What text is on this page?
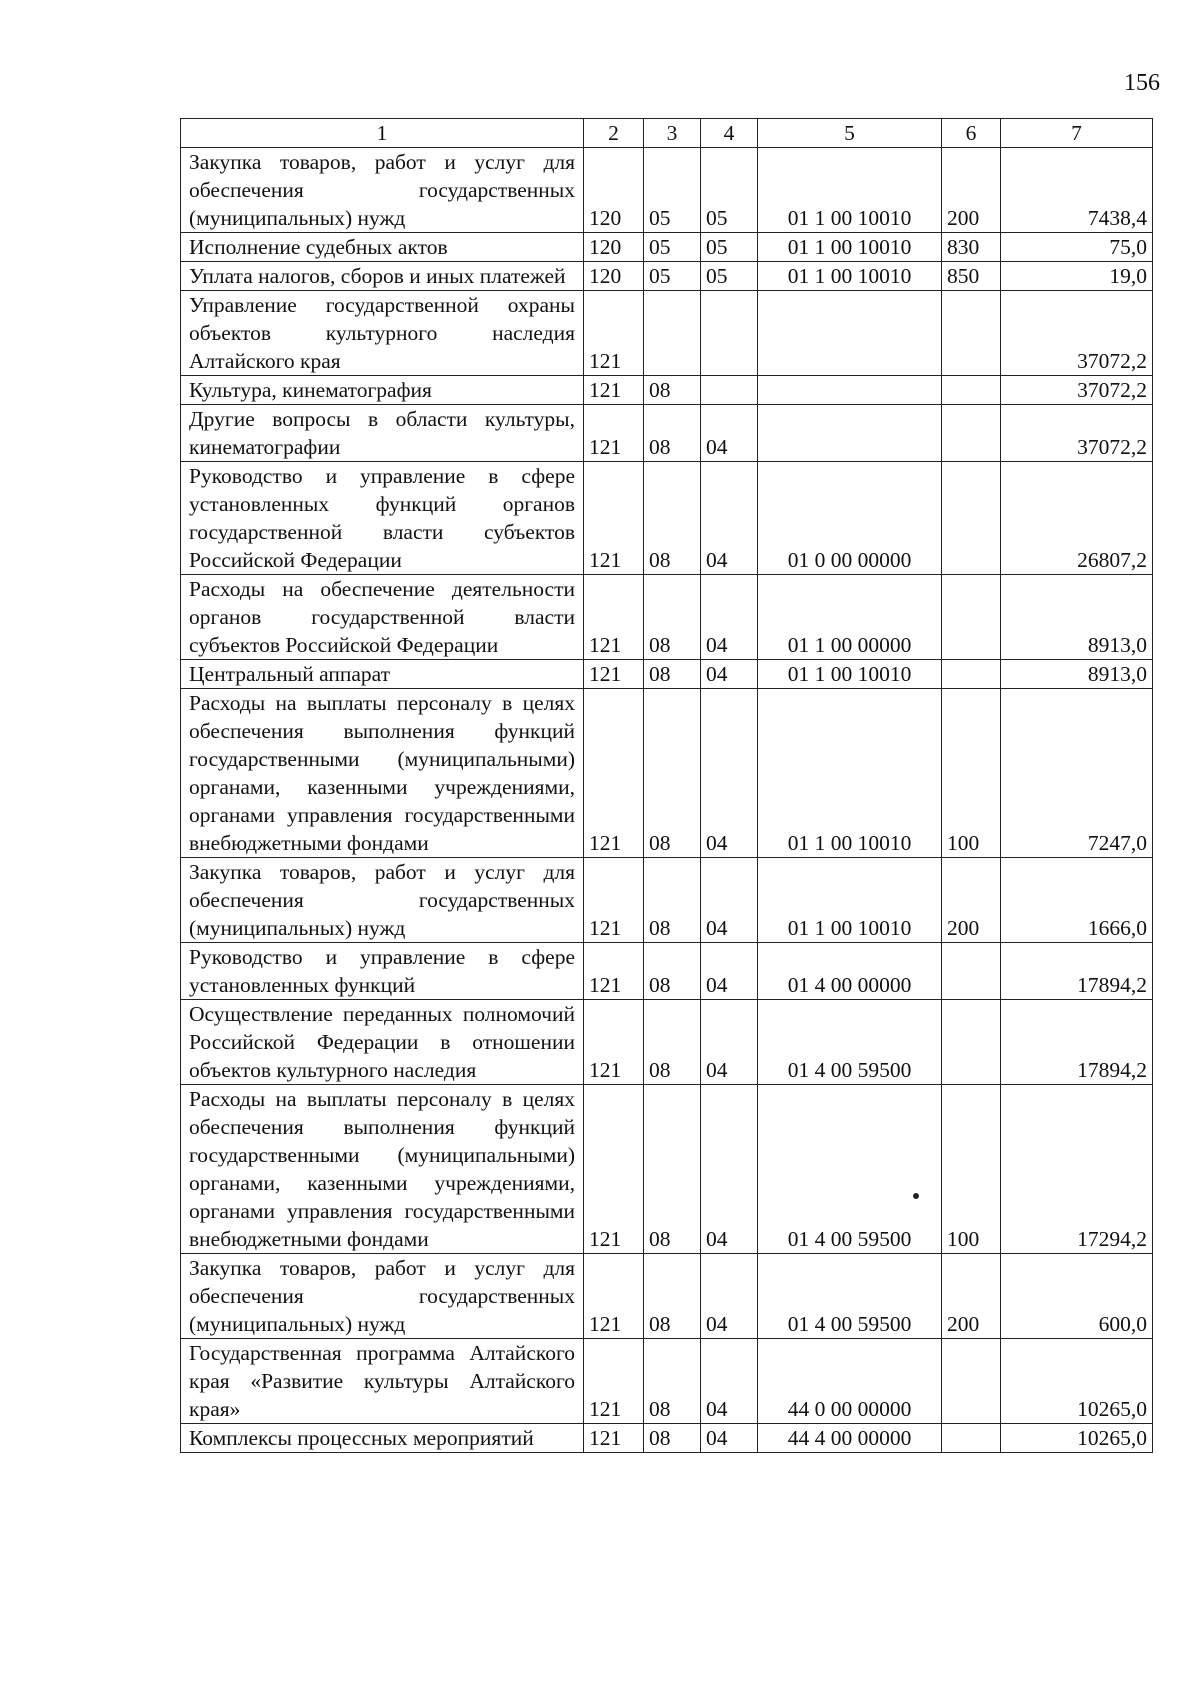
156
1	2	3	4	5	6	7
Закупка товаров, работ и услуг для обеспечения государственных (муниципальных) нужд	120	05	05	01 1 00 10010	200	7438,4
Исполнение судебных актов	120	05	05	01 1 00 10010	830	75,0
Уплата налогов, сборов и иных платежей	120	05	05	01 1 00 10010	850	19,0
Управление государственной охраны объектов культурного наследия Алтайского края	121					37072,2
Культура, кинематография	121	08				37072,2
Другие вопросы в области культуры, кинематографии	121	08	04			37072,2
Руководство и управление в сфере установленных функций органов государственной власти субъектов Российской Федерации	121	08	04	01 0 00 00000		26807,2
Расходы на обеспечение деятельности органов государственной власти субъектов Российской Федерации	121	08	04	01 1 00 00000		8913,0
Центральный аппарат	121	08	04	01 1 00 10010		8913,0
Расходы на выплаты персоналу в целях обеспечения выполнения функций государственными (муниципальными) органами, казенными учреждениями, органами управления государственными внебюджетными фондами	121	08	04	01 1 00 10010	100	7247,0
Закупка товаров, работ и услуг для обеспечения государственных (муниципальных) нужд	121	08	04	01 1 00 10010	200	1666,0
Руководство и управление в сфере установленных функций	121	08	04	01 4 00 00000		17894,2
Осуществление переданных полномочий Российской Федерации в отношении объектов культурного наследия	121	08	04	01 4 00 59500		17894,2
Расходы на выплаты персоналу в целях обеспечения выполнения функций государственными (муниципальными) органами, казенными учреждениями, органами управления государственными внебюджетными фондами	121	08	04	01 4 00 59500	100	17294,2
Закупка товаров, работ и услуг для обеспечения государственных (муниципальных) нужд	121	08	04	01 4 00 59500	200	600,0
Государственная программа Алтайского края «Развитие культуры Алтайского края»	121	08	04	44 0 00 00000		10265,0
Комплексы процессных мероприятий	121	08	04	44 4 00 00000		10265,0
